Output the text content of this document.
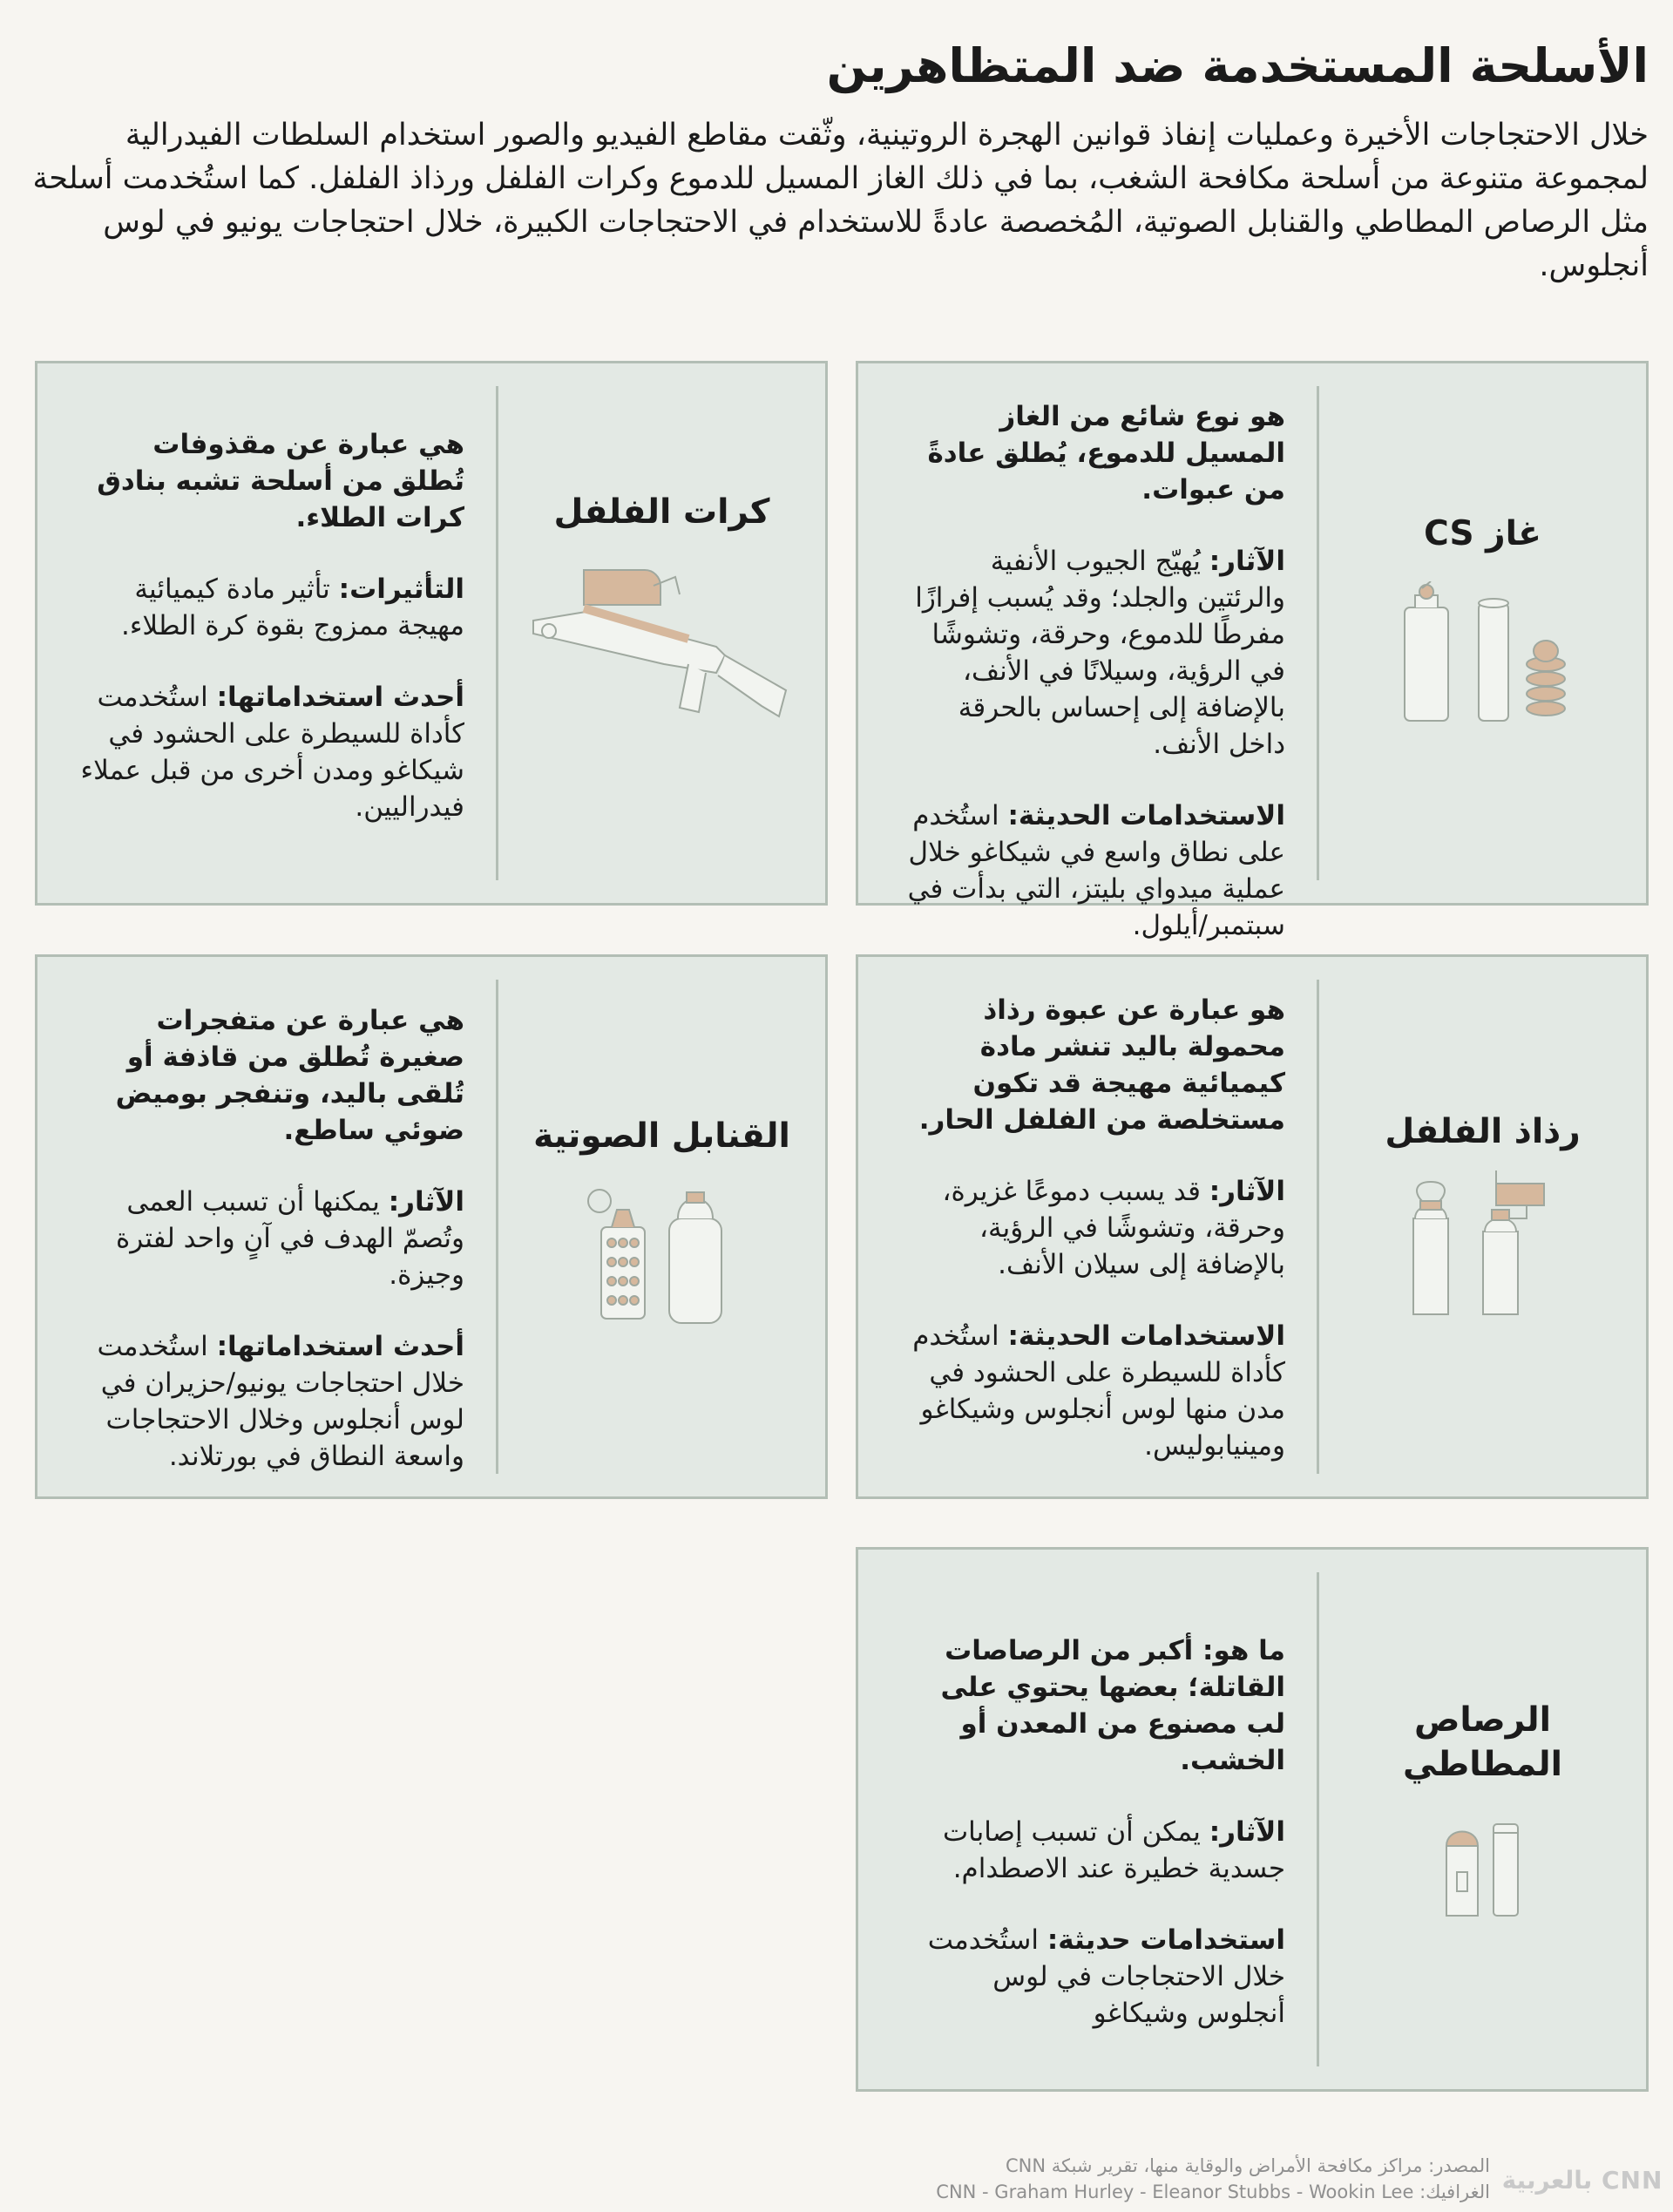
الأسلحة المستخدمة ضد المتظاهرين

خلال الاحتجاجات الأخيرة وعمليات إنفاذ قوانين الهجرة الروتينية، وثّقت مقاطع الفيديو والصور استخدام السلطات الفيدرالية لمجموعة متنوعة من أسلحة مكافحة الشغب، بما في ذلك الغاز المسيل للدموع وكرات الفلفل ورذاذ الفلفل. كما استُخدمت أسلحة مثل الرصاص المطاطي والقنابل الصوتية، المُخصصة عادةً للاستخدام في الاحتجاجات الكبيرة، خلال احتجاجات يونيو في لوس أنجلوس.

غاز CS

هو نوع شائع من الغاز المسيل للدموع، يُطلق عادةً من عبوات.

الآثار: يُهيّج الجيوب الأنفية والرئتين والجلد؛ وقد يُسبب إفرازًا مفرطًا للدموع، وحرقة، وتشوشًا في الرؤية، وسيلانًا في الأنف، بالإضافة إلى إحساس بالحرقة داخل الأنف.

الاستخدامات الحديثة: استُخدم على نطاق واسع في شيكاغو خلال عملية ميدواي بليتز، التي بدأت في سبتمبر/أيلول.

كرات الفلفل

هي عبارة عن مقذوفات تُطلق من أسلحة تشبه بنادق كرات الطلاء.

التأثيرات: تأثير مادة كيميائية مهيجة ممزوج بقوة كرة الطلاء.

أحدث استخداماتها: استُخدمت كأداة للسيطرة على الحشود في شيكاغو ومدن أخرى من قبل عملاء فيدراليين.

رذاذ الفلفل

هو عبارة عن عبوة رذاذ محمولة باليد تنشر مادة كيميائية مهيجة قد تكون مستخلصة من الفلفل الحار.

الآثار: قد يسبب دموعًا غزيرة، وحرقة، وتشوشًا في الرؤية، بالإضافة إلى سيلان الأنف.

الاستخدامات الحديثة: استُخدم كأداة للسيطرة على الحشود في مدن منها لوس أنجلوس وشيكاغو ومينيابوليس.

القنابل الصوتية

هي عبارة عن متفجرات صغيرة تُطلق من قاذفة أو تُلقى باليد، وتنفجر بوميض ضوئي ساطع.

الآثار: يمكنها أن تسبب العمى وتُصمّ الهدف في آنٍ واحد لفترة وجيزة.

أحدث استخداماتها: استُخدمت خلال احتجاجات يونيو/حزيران في لوس أنجلوس وخلال الاحتجاجات واسعة النطاق في بورتلاند.

الرصاص المطاطي

ما هو: أكبر من الرصاصات القاتلة؛ بعضها يحتوي على لب مصنوع من المعدن أو الخشب.

الآثار: يمكن أن تسبب إصابات جسدية خطيرة عند الاصطدام.

استخدامات حديثة: استُخدمت خلال الاحتجاجات في لوس أنجلوس وشيكاغو

المصدر: مراكز مكافحة الأمراض والوقاية منها، تقرير شبكة CNN
الغرافيك: CNN - Graham Hurley - Eleanor Stubbs - Wookin Lee CNN بالعربية
